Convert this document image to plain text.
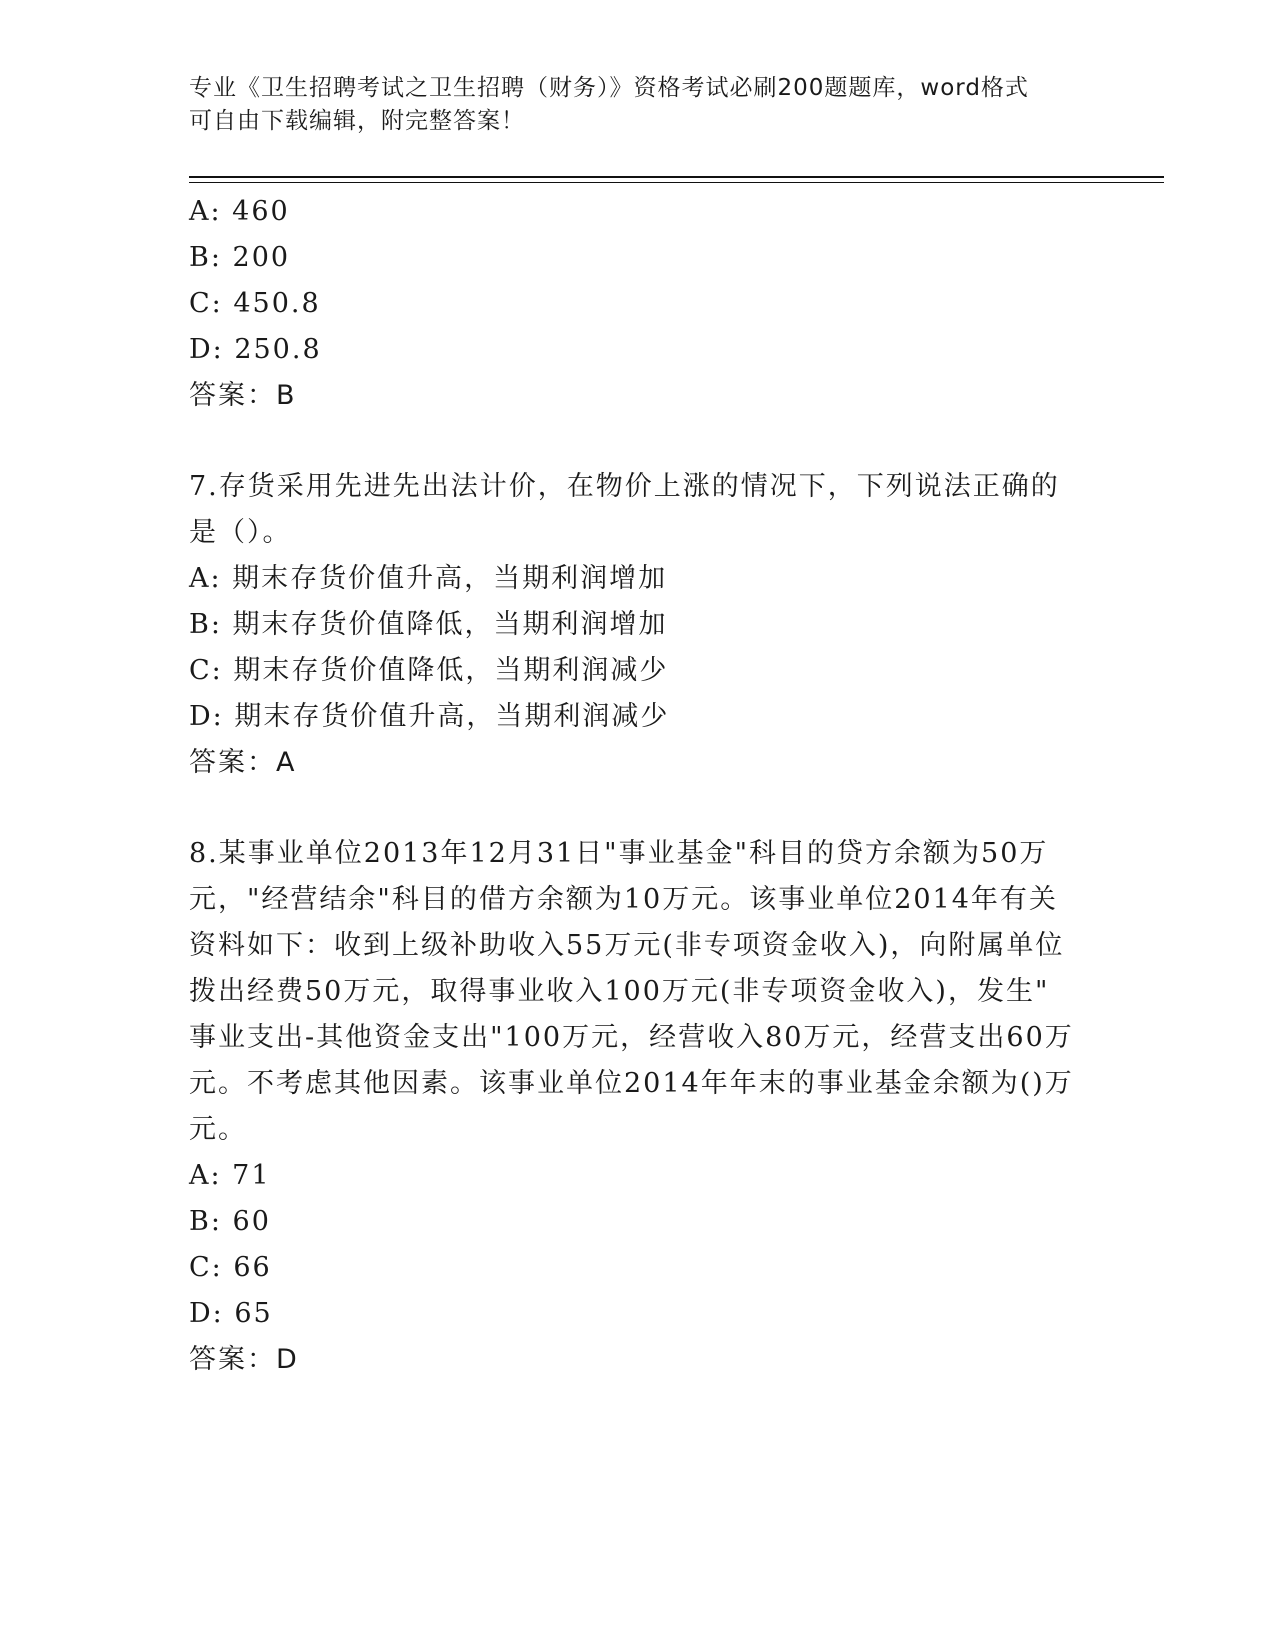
专业《卫生招聘考试之卫生招聘（财务）》资格考试必刷200题题库，word格式
可自由下载编辑，附完整答案！
A: 460
B: 200
C: 450.8
D: 250.8
答案：B
7.存货采用先进先出法计价，在物价上涨的情况下，下列说法正确的
是（）。
A: 期末存货价值升高，当期利润增加
B: 期末存货价值降低，当期利润增加
C: 期末存货价值降低，当期利润减少
D: 期末存货价值升高，当期利润减少
答案：A
8.某事业单位2013年12月31日"事业基金"科目的贷方余额为50万
元，"经营结余"科目的借方余额为10万元。该事业单位2014年有关
资料如下：收到上级补助收入55万元(非专项资金收入)，向附属单位
拨出经费50万元，取得事业收入100万元(非专项资金收入)，发生"
事业支出-其他资金支出"100万元，经营收入80万元，经营支出60万
元。不考虑其他因素。该事业单位2014年年末的事业基金余额为()万
元。
A: 71
B: 60
C: 66
D: 65
答案：D
